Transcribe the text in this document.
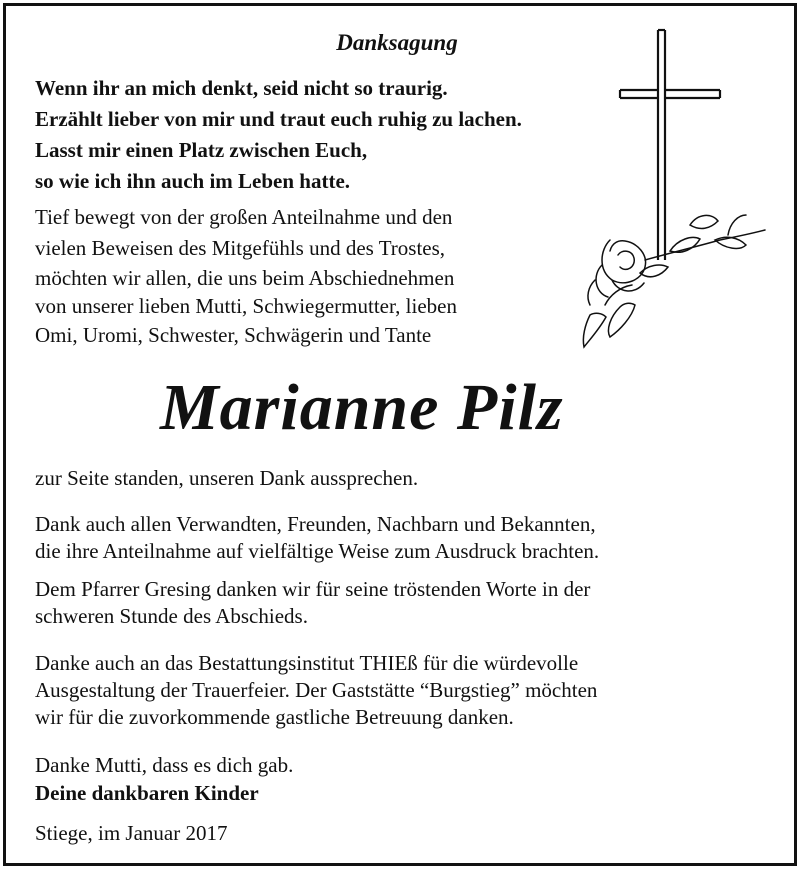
Danksagung

Wenn ihr an mich denkt, seid nicht so traurig.

Erzählt lieber von mir und traut euch ruhig zu lachen.

Lasst mir einen Platz zwischen Euch,

so wie ich ihn auch im Leben hatte.

Tief bewegt von der großen Anteilnahme und den

vielen Beweisen des Mitgefühls und des Trostes,

möchten wir allen, die uns beim Abschiednehmen

von unserer lieben Mutti, Schwiegermutter, lieben

Omi, Uromi, Schwester, Schwägerin und Tante

Marianne Pilz

zur Seite standen, unseren Dank aussprechen.

Dank auch allen Verwandten, Freunden, Nachbarn und Bekannten,

die ihre Anteilnahme auf vielfältige Weise zum Ausdruck brachten.

Dem Pfarrer Gresing danken wir für seine tröstenden Worte in der

schweren Stunde des Abschieds.

Danke auch an das Bestattungsinstitut THIEß für die würdevolle

Ausgestaltung der Trauerfeier. Der Gaststätte “Burgstieg” möchten

wir für die zuvorkommende gastliche Betreuung danken.

Danke Mutti, dass es dich gab.

Deine dankbaren Kinder

Stiege, im Januar 2017
